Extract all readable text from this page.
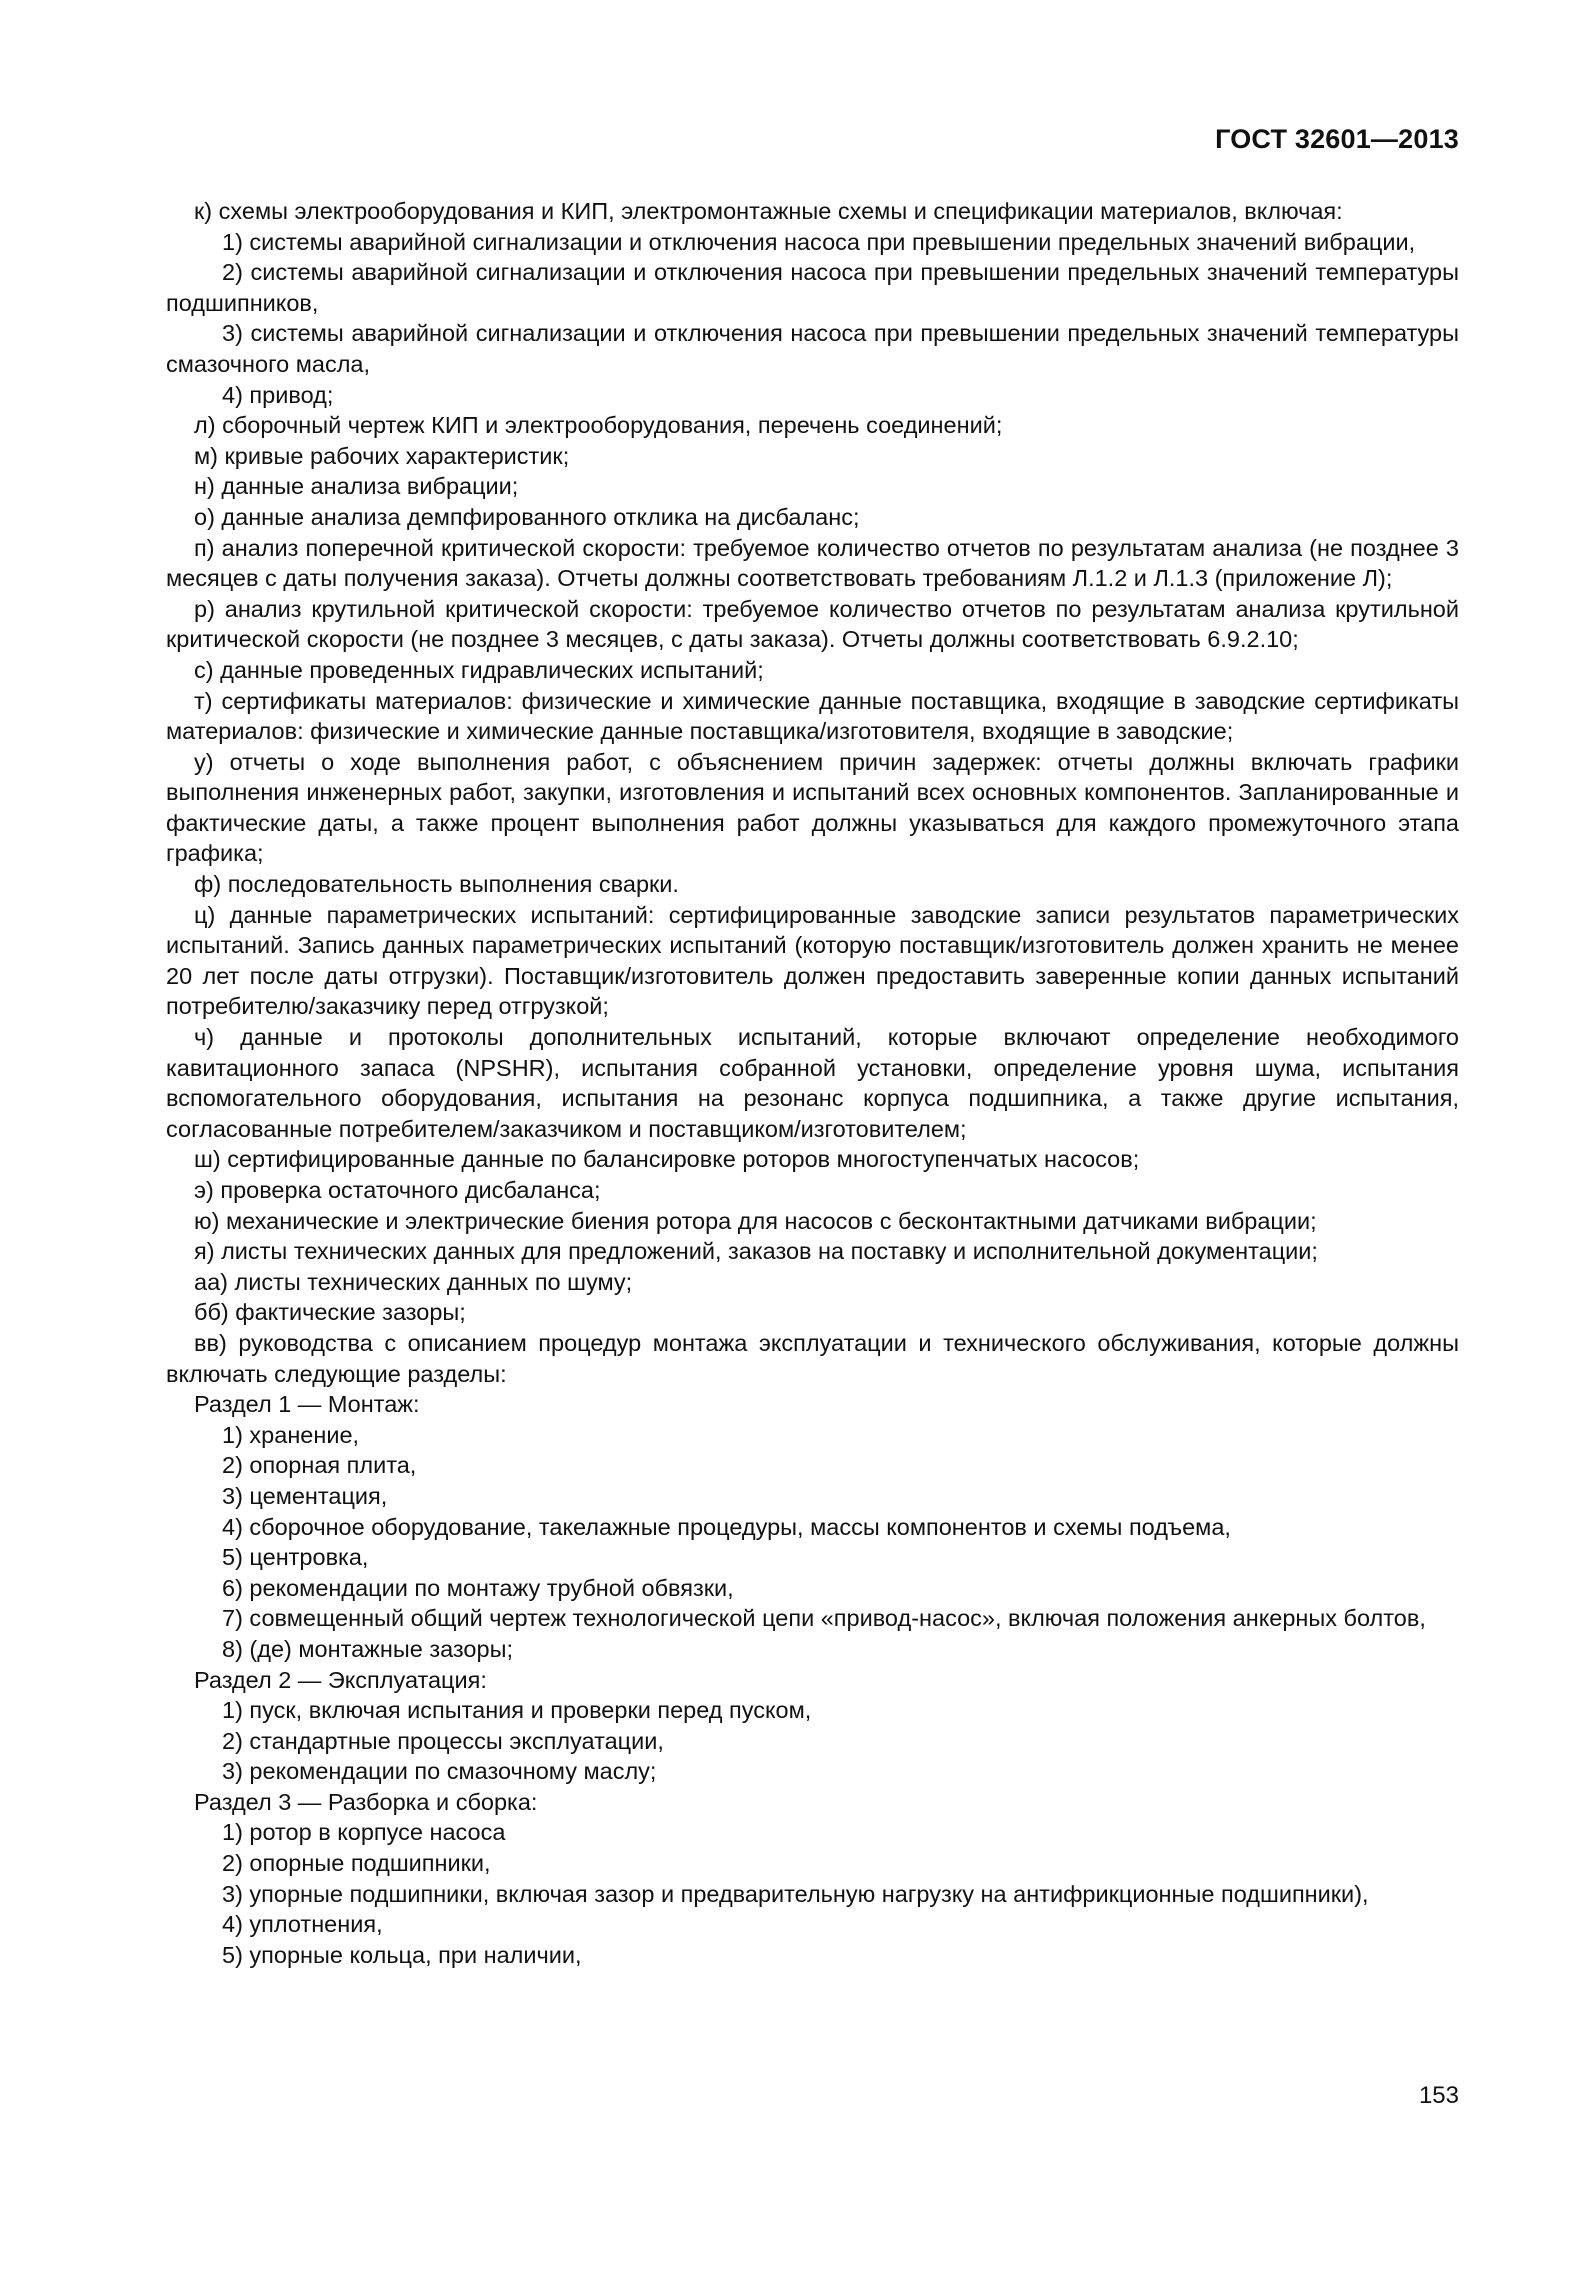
ГОСТ 32601—2013

к) схемы электрооборудования и КИП, электромонтажные схемы и спецификации материалов, включая:

1) системы аварийной сигнализации и отключения насоса при превышении предельных значений вибрации,

2) системы аварийной сигнализации и отключения насоса при превышении предельных значений температуры подшипников,

3) системы аварийной сигнализации и отключения насоса при превышении предельных значений температуры смазочного масла,

4) привод;

л) сборочный чертеж КИП и электрооборудования, перечень соединений;

м) кривые рабочих характеристик;

н) данные анализа вибрации;

о) данные анализа демпфированного отклика на дисбаланс;

п) анализ поперечной критической скорости: требуемое количество отчетов по результатам анализа (не позднее 3 месяцев с даты получения заказа). Отчеты должны соответствовать требованиям Л.1.2 и Л.1.3 (приложение Л);

р) анализ крутильной критической скорости: требуемое количество отчетов по результатам анализа крутильной критической скорости (не позднее 3 месяцев, с даты заказа). Отчеты должны соответствовать 6.9.2.10;

с) данные проведенных гидравлических испытаний;

т) сертификаты материалов: физические и химические данные поставщика, входящие в заводские сертификаты материалов: физические и химические данные поставщика/изготовителя, входящие в заводские;

у) отчеты о ходе выполнения работ, с объяснением причин задержек: отчеты должны включать графики выполнения инженерных работ, закупки, изготовления и испытаний всех основных компонентов. Запланированные и фактические даты, а также процент выполнения работ должны указываться для каждого промежуточного этапа графика;

ф) последовательность выполнения сварки.

ц) данные параметрических испытаний: сертифицированные заводские записи результатов параметрических испытаний. Запись данных параметрических испытаний (которую поставщик/изготовитель должен хранить не менее 20 лет после даты отгрузки). Поставщик/изготовитель должен предоставить заверенные копии данных испытаний потребителю/заказчику перед отгрузкой;

ч) данные и протоколы дополнительных испытаний, которые включают определение необходимого кавитационного запаса (NPSHR), испытания собранной установки, определение уровня шума, испытания вспомогательного оборудования, испытания на резонанс корпуса подшипника, а также другие испытания, согласованные потребителем/заказчиком и поставщиком/изготовителем;

ш) сертифицированные данные по балансировке роторов многоступенчатых насосов;

э) проверка остаточного дисбаланса;

ю) механические и электрические биения ротора для насосов с бесконтактными датчиками вибрации;

я) листы технических данных для предложений, заказов на поставку и исполнительной документации;

аа) листы технических данных по шуму;

бб) фактические зазоры;

вв) руководства с описанием процедур монтажа эксплуатации и технического обслуживания, которые должны включать следующие разделы:

Раздел 1 — Монтаж:

1) хранение,

2) опорная плита,

3) цементация,

4) сборочное оборудование, такелажные процедуры, массы компонентов и схемы подъема,

5) центровка,

6) рекомендации по монтажу трубной обвязки,

7) совмещенный общий чертеж технологической цепи «привод-насос», включая положения анкерных болтов,

8) (де) монтажные зазоры;

Раздел 2 — Эксплуатация:

1) пуск, включая испытания и проверки перед пуском,

2) стандартные процессы эксплуатации,

3) рекомендации по смазочному маслу;

Раздел 3 — Разборка и сборка:

1) ротор в корпусе насоса

2) опорные подшипники,

3) упорные подшипники, включая зазор и предварительную нагрузку на антифрикционные подшипники),

4) уплотнения,

5) упорные кольца, при наличии,

153
